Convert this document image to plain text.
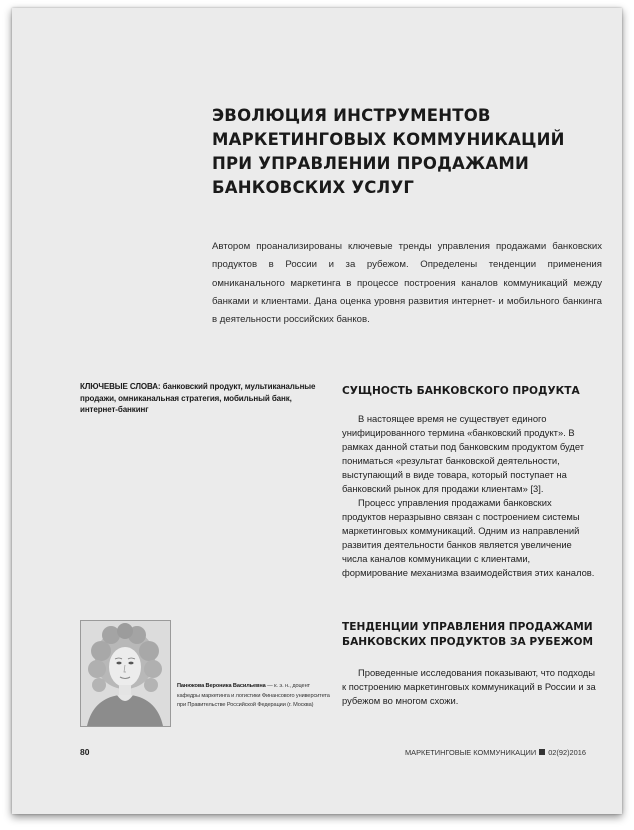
ЭВОЛЮЦИЯ ИНСТРУМЕНТОВ
МАРКЕТИНГОВЫХ КОММУНИКАЦИЙ
ПРИ УПРАВЛЕНИИ ПРОДАЖАМИ
БАНКОВСКИХ УСЛУГ

Автором проанализированы ключевые тренды управления продажами банковских продуктов в России и за рубежом. Определены тенденции применения омниканального маркетинга в процессе построения каналов коммуникаций между банками и клиентами. Дана оценка уровня развития интернет- и мобильного банкинга в деятельности российских банков.

КЛЮЧЕВЫЕ СЛОВА: банковский продукт, мультиканальные продажи, омниканальная стратегия, мобильный банк, интернет-банкинг

СУЩНОСТЬ БАНКОВСКОГО ПРОДУКТА

В настоящее время не существует единого унифицированного термина «банковский продукт». В рамках данной статьи под банковским продуктом будет пониматься «результат банковской деятельности, выступающий в виде товара, который поступает на банковский рынок для продажи клиентам» [3].

Процесс управления продажами банковских продуктов неразрывно связан с построением системы маркетинговых коммуникаций. Одним из направлений развития деятельности банков является увеличение числа каналов коммуникации с клиентами, формирование механизма взаимодействия этих каналов.

ТЕНДЕНЦИИ УПРАВЛЕНИЯ ПРОДАЖАМИ
БАНКОВСКИХ ПРОДУКТОВ ЗА РУБЕЖОМ

Проведенные исследования показывают, что подходы к построению маркетинговых коммуникаций в России и за рубежом во многом схожи.

Панюкова Вероника Васильевна — к. э. н., доцент кафедры маркетинга и логистики Финансового университета при Правительстве Российской Федерации (г. Москва)

80	МАРКЕТИНГОВЫЕ КОММУНИКАЦИИ 02(92)2016
